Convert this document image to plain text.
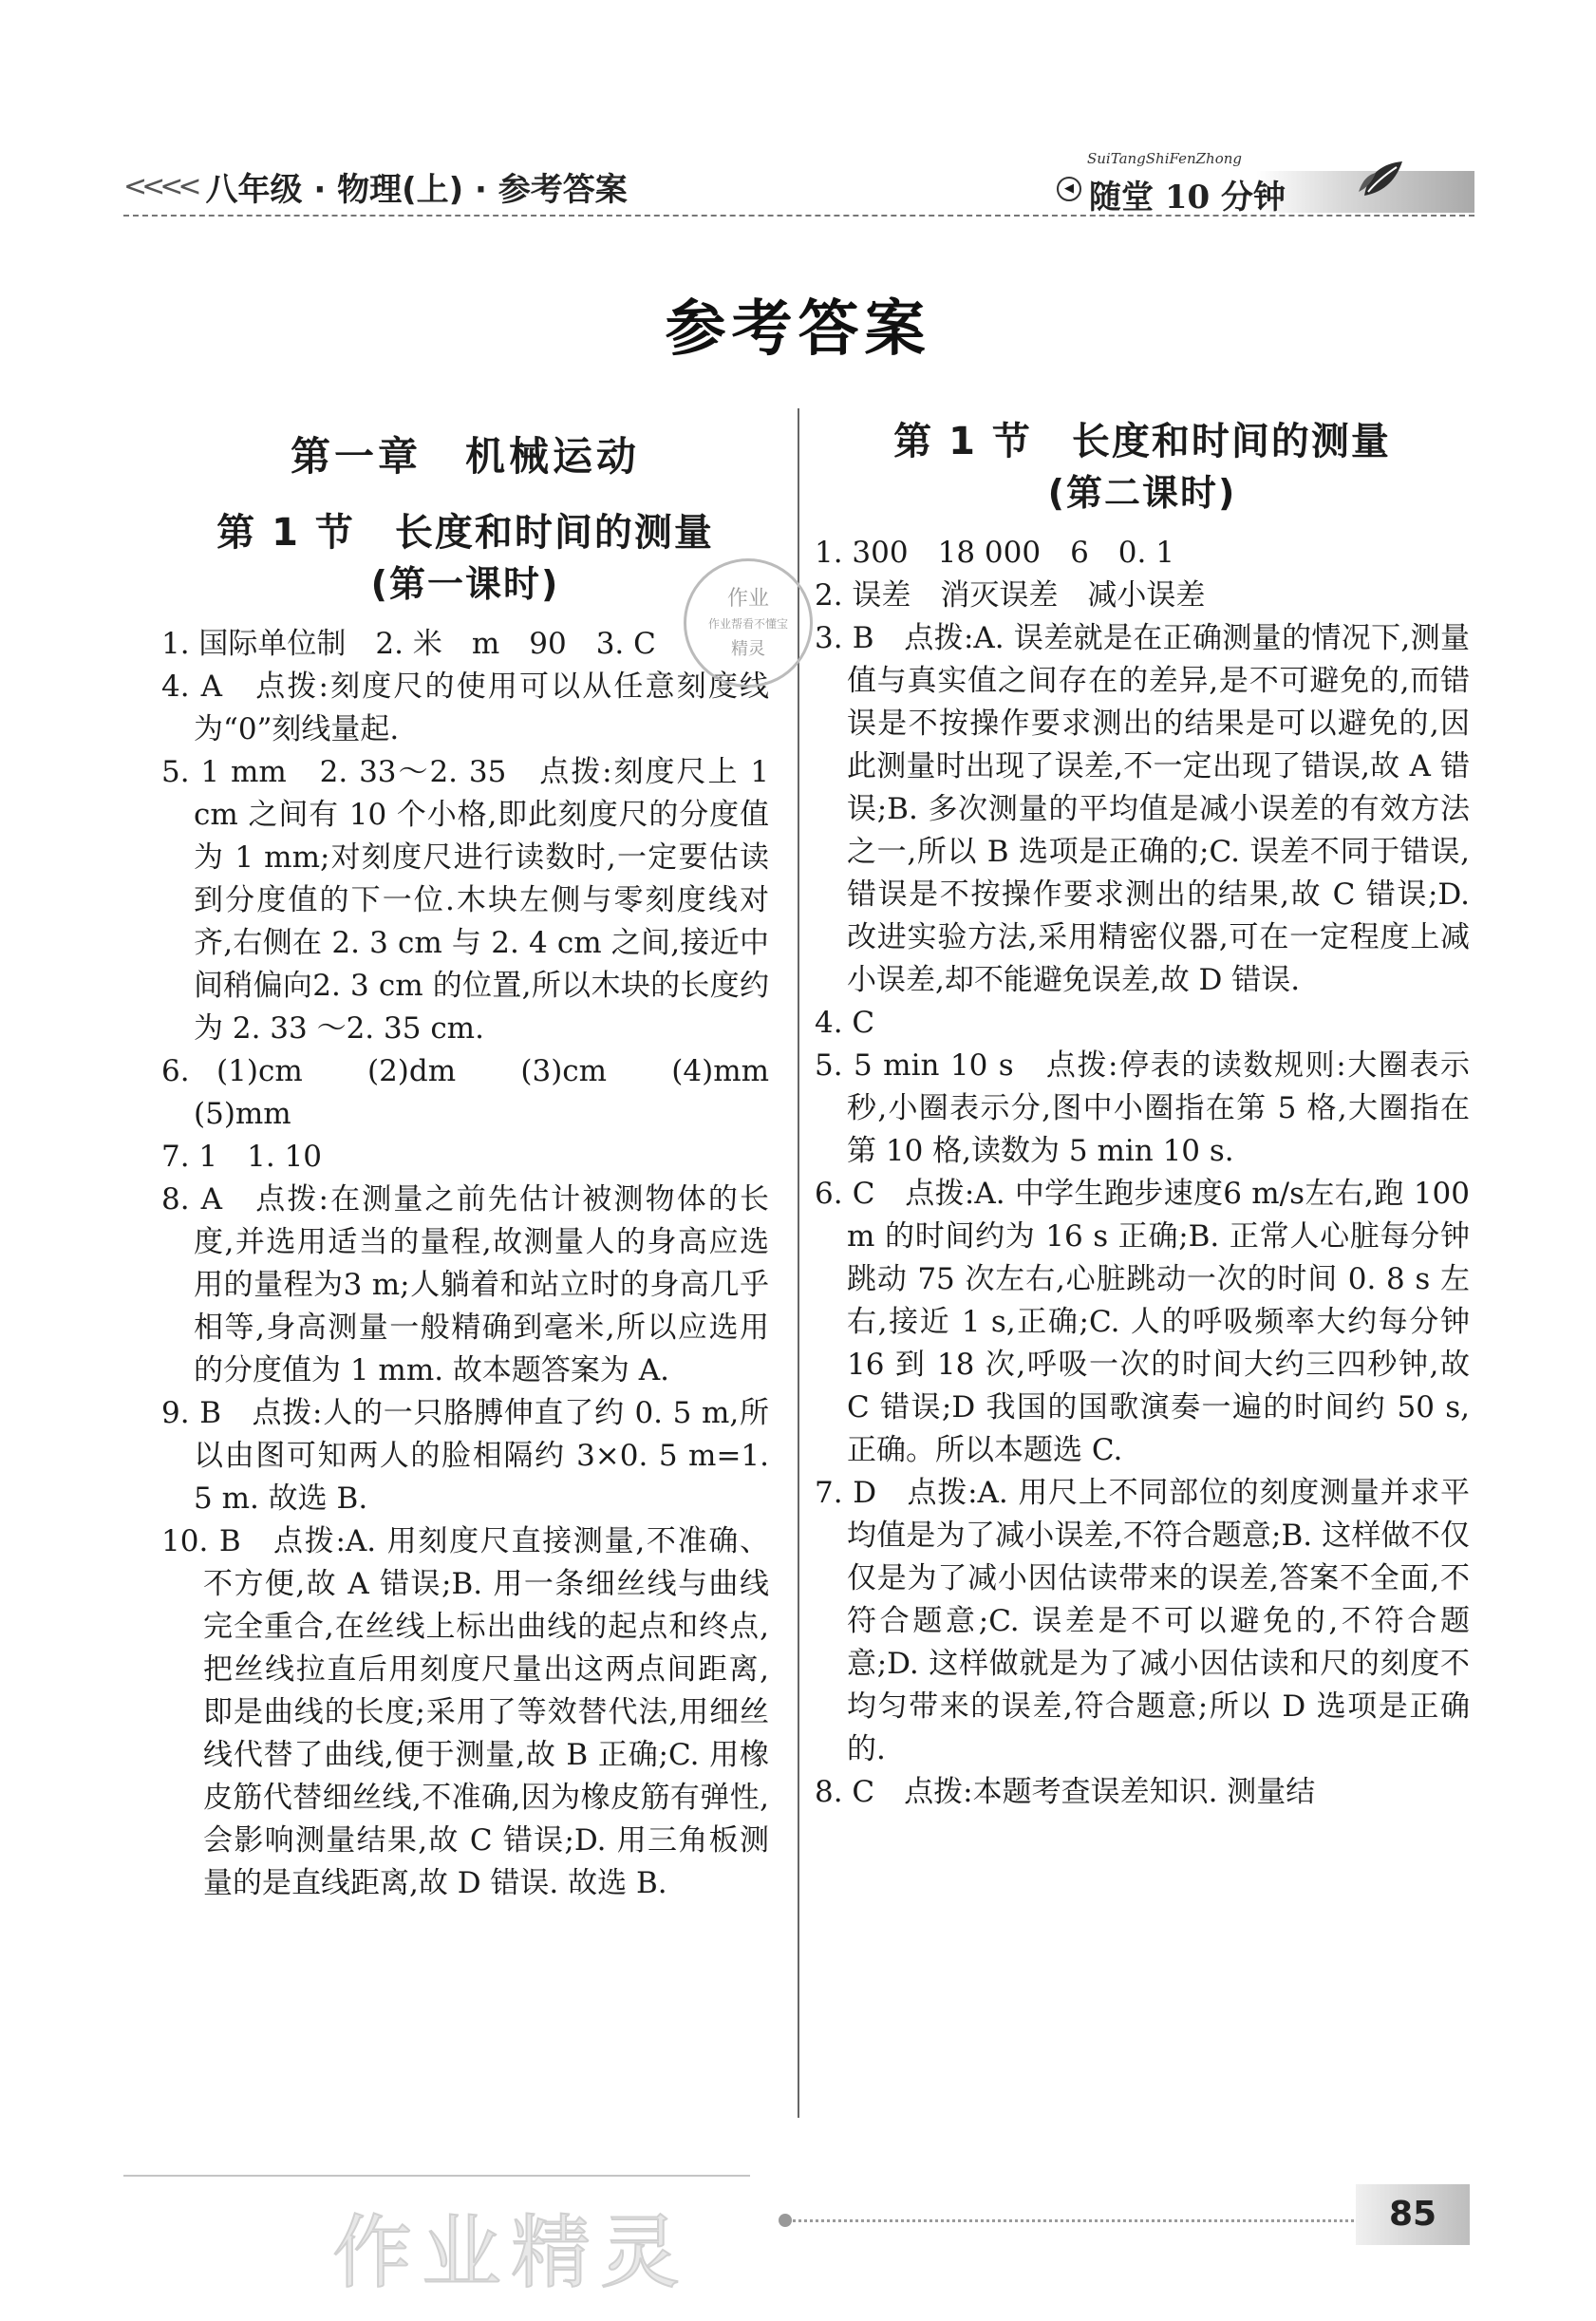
<<<< 八年级 · 物理(上) · 参考答案
SuiTangShiFenZhong
◀ 随堂 10 分钟
参考答案
第一章　机械运动
第 1 节　长度和时间的测量
(第一课时)

1. 国际单位制　2. 米　m　90　3. C

4. A　点拨:刻度尺的使用可以从任意刻度线为“0”刻线量起.

5. 1 mm　2. 33～2. 35　点拨:刻度尺上 1 cm 之间有 10 个小格,即此刻度尺的分度值为 1 mm;对刻度尺进行读数时,一定要估读到分度值的下一位.木块左侧与零刻度线对齐,右侧在 2. 3 cm 与 2. 4 cm 之间,接近中间稍偏向2. 3 cm 的位置,所以木块的长度约为 2. 33 ～2. 35 cm.

6. (1)cm　(2)dm　(3)cm　(4)mm　(5)mm

7. 1　1. 10

8. A　点拨:在测量之前先估计被测物体的长度,并选用适当的量程,故测量人的身高应选用的量程为3 m;人躺着和站立时的身高几乎相等,身高测量一般精确到毫米,所以应选用的分度值为 1 mm. 故本题答案为 A.

9. B　点拨:人的一只胳膊伸直了约 0. 5 m,所以由图可知两人的脸相隔约 3×0. 5 m=1. 5 m. 故选 B.

10. B　点拨:A. 用刻度尺直接测量,不准确、不方便,故 A 错误;B. 用一条细丝线与曲线完全重合,在丝线上标出曲线的起点和终点,把丝线拉直后用刻度尺量出这两点间距离,即是曲线的长度;采用了等效替代法,用细丝线代替了曲线,便于测量,故 B 正确;C. 用橡皮筋代替细丝线,不准确,因为橡皮筋有弹性,会影响测量结果,故 C 错误;D. 用三角板测量的是直线距离,故 D 错误. 故选 B.

第 1 节　长度和时间的测量
(第二课时)

1. 300　18 000　6　0. 1

2. 误差　消灭误差　减小误差

3. B　点拨:A. 误差就是在正确测量的情况下,测量值与真实值之间存在的差异,是不可避免的,而错误是不按操作要求测出的结果是可以避免的,因此测量时出现了误差,不一定出现了错误,故 A 错误;B. 多次测量的平均值是减小误差的有效方法之一,所以 B 选项是正确的;C. 误差不同于错误,错误是不按操作要求测出的结果,故 C 错误;D. 改进实验方法,采用精密仪器,可在一定程度上减小误差,却不能避免误差,故 D 错误.

4. C

5. 5 min 10 s　点拨:停表的读数规则:大圈表示秒,小圈表示分,图中小圈指在第 5 格,大圈指在第 10 格,读数为 5 min 10 s.

6. C　点拨:A. 中学生跑步速度6 m/s左右,跑 100 m 的时间约为 16 s 正确;B. 正常人心脏每分钟跳动 75 次左右,心脏跳动一次的时间 0. 8 s 左右,接近 1 s,正确;C. 人的呼吸频率大约每分钟 16 到 18 次,呼吸一次的时间大约三四秒钟,故 C 错误;D 我国的国歌演奏一遍的时间约 50 s,正确。所以本题选 C.

7. D　点拨:A. 用尺上不同部位的刻度测量并求平均值是为了减小误差,不符合题意;B. 这样做不仅仅是为了减小因估读带来的误差,答案不全面,不符合题意;C. 误差是不可以避免的,不符合题意;D. 这样做就是为了减小因估读和尺的刻度不均匀带来的误差,符合题意;所以 D 选项是正确的.

8. C　点拨:本题考查误差知识. 测量结

作业
作业帮看不懂宝
精灵
作业精灵	85
